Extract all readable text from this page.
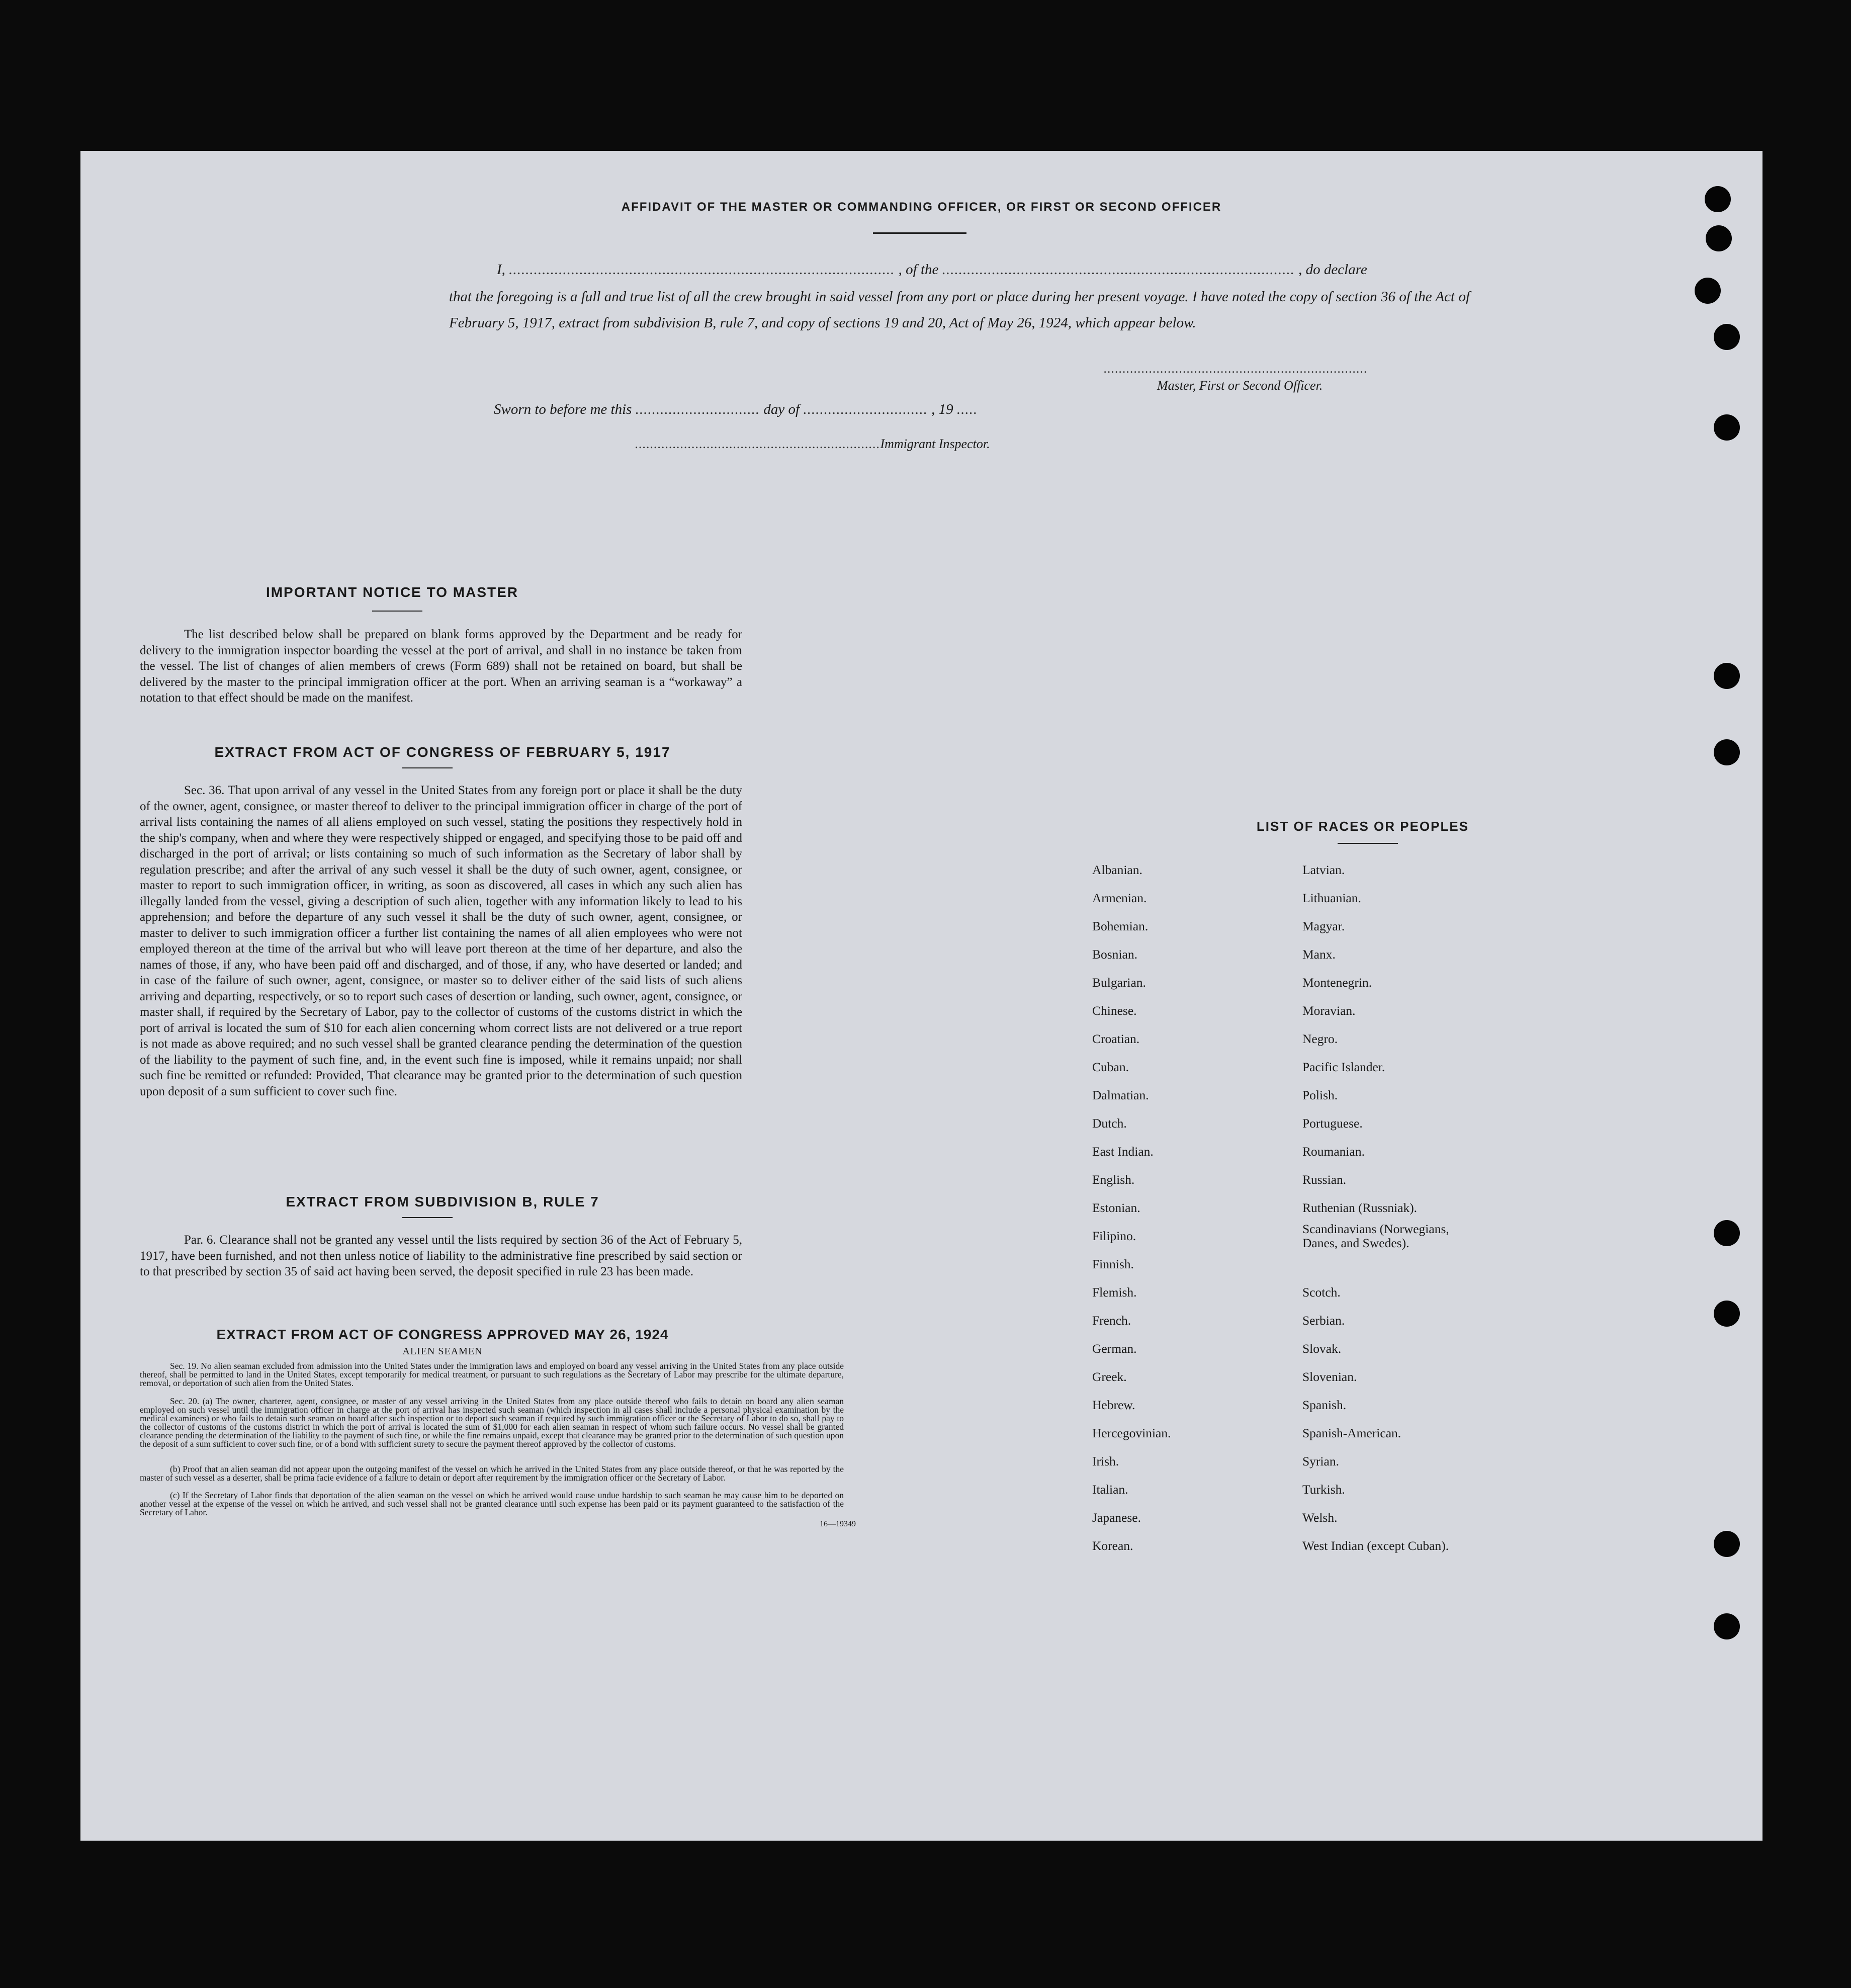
AFFIDAVIT OF THE MASTER OR COMMANDING OFFICER, OR FIRST OR SECOND OFFICER
I, ............................................................................................. , of the ..................................................................................... , do declare
that the foregoing is a full and true list of all the crew brought in said vessel from any port or place during her present voyage. I have noted the copy of section 36 of the Act of February 5, 1917, extract from subdivision B, rule 7, and copy of sections 19 and 20, Act of May 26, 1924, which appear below.
......................................................................
Master, First or Second Officer.
Sworn to before me this .............................. day of .............................. , 19 .....
.................................................................Immigrant Inspector.
IMPORTANT NOTICE TO MASTER
The list described below shall be prepared on blank forms approved by the Department and be ready for delivery to the immigration inspector boarding the vessel at the port of arrival, and shall in no instance be taken from the vessel. The list of changes of alien members of crews (Form 689) shall not be retained on board, but shall be delivered by the master to the principal immigration officer at the port. When an arriving seaman is a “workaway” a notation to that effect should be made on the manifest.
EXTRACT FROM ACT OF CONGRESS OF FEBRUARY 5, 1917
Sec. 36. That upon arrival of any vessel in the United States from any foreign port or place it shall be the duty of the owner, agent, consignee, or master thereof to deliver to the principal immigration officer in charge of the port of arrival lists containing the names of all aliens employed on such vessel, stating the positions they respectively hold in the ship's company, when and where they were respectively shipped or engaged, and specifying those to be paid off and discharged in the port of arrival; or lists containing so much of such information as the Secretary of labor shall by regulation prescribe; and after the arrival of any such vessel it shall be the duty of such owner, agent, consignee, or master to report to such immigration officer, in writing, as soon as discovered, all cases in which any such alien has illegally landed from the vessel, giving a description of such alien, together with any information likely to lead to his apprehension; and before the departure of any such vessel it shall be the duty of such owner, agent, consignee, or master to deliver to such immigration officer a further list containing the names of all alien employees who were not employed thereon at the time of the arrival but who will leave port thereon at the time of her departure, and also the names of those, if any, who have been paid off and discharged, and of those, if any, who have deserted or landed; and in case of the failure of such owner, agent, consignee, or master so to deliver either of the said lists of such aliens arriving and departing, respectively, or so to report such cases of desertion or landing, such owner, agent, consignee, or master shall, if required by the Secretary of Labor, pay to the collector of customs of the customs district in which the port of arrival is located the sum of $10 for each alien concerning whom correct lists are not delivered or a true report is not made as above required; and no such vessel shall be granted clearance pending the determination of the question of the liability to the payment of such fine, and, in the event such fine is imposed, while it remains unpaid; nor shall such fine be remitted or refunded: Provided, That clearance may be granted prior to the determination of such question upon deposit of a sum sufficient to cover such fine.
EXTRACT FROM SUBDIVISION B, RULE 7
Par. 6. Clearance shall not be granted any vessel until the lists required by section 36 of the Act of February 5, 1917, have been furnished, and not then unless notice of liability to the administrative fine prescribed by said section or to that prescribed by section 35 of said act having been served, the deposit specified in rule 23 has been made.
EXTRACT FROM ACT OF CONGRESS APPROVED MAY 26, 1924
ALIEN SEAMEN
Sec. 19. No alien seaman excluded from admission into the United States under the immigration laws and employed on board any vessel arriving in the United States from any place outside thereof, shall be permitted to land in the United States, except temporarily for medical treatment, or pursuant to such regulations as the Secretary of Labor may prescribe for the ultimate departure, removal, or deportation of such alien from the United States.
Sec. 20. (a) The owner, charterer, agent, consignee, or master of any vessel arriving in the United States from any place outside thereof who fails to detain on board any alien seaman employed on such vessel until the immigration officer in charge at the port of arrival has inspected such seaman (which inspection in all cases shall include a personal physical examination by the medical examiners) or who fails to detain such seaman on board after such inspection or to deport such seaman if required by such immigration officer or the Secretary of Labor to do so, shall pay to the collector of customs of the customs district in which the port of arrival is located the sum of $1,000 for each alien seaman in respect of whom such failure occurs. No vessel shall be granted clearance pending the determination of the liability to the payment of such fine, or while the fine remains unpaid, except that clearance may be granted prior to the determination of such question upon the deposit of a sum sufficient to cover such fine, or of a bond with sufficient surety to secure the payment thereof approved by the collector of customs.
(b) Proof that an alien seaman did not appear upon the outgoing manifest of the vessel on which he arrived in the United States from any place outside thereof, or that he was reported by the master of such vessel as a deserter, shall be prima facie evidence of a failure to detain or deport after requirement by the immigration officer or the Secretary of Labor.
(c) If the Secretary of Labor finds that deportation of the alien seaman on the vessel on which he arrived would cause undue hardship to such seaman he may cause him to be deported on another vessel at the expense of the vessel on which he arrived, and such vessel shall not be granted clearance until such expense has been paid or its payment guaranteed to the satisfaction of the Secretary of Labor.
16—19349
LIST OF RACES OR PEOPLES
Albanian.
Armenian.
Bohemian.
Bosnian.
Bulgarian.
Chinese.
Croatian.
Cuban.
Dalmatian.
Dutch.
East Indian.
English.
Estonian.
Filipino.
Finnish.
Flemish.
French.
German.
Greek.
Hebrew.
Hercegovinian.
Irish.
Italian.
Japanese.
Korean.
Latvian.
Lithuanian.
Magyar.
Manx.
Montenegrin.
Moravian.
Negro.
Pacific Islander.
Polish.
Portuguese.
Roumanian.
Russian.
Ruthenian (Russniak).
Scandinavians (Norwegians, Danes, and Swedes).
Scotch.
Serbian.
Slovak.
Slovenian.
Spanish.
Spanish-American.
Syrian.
Turkish.
Welsh.
West Indian (except Cuban).
